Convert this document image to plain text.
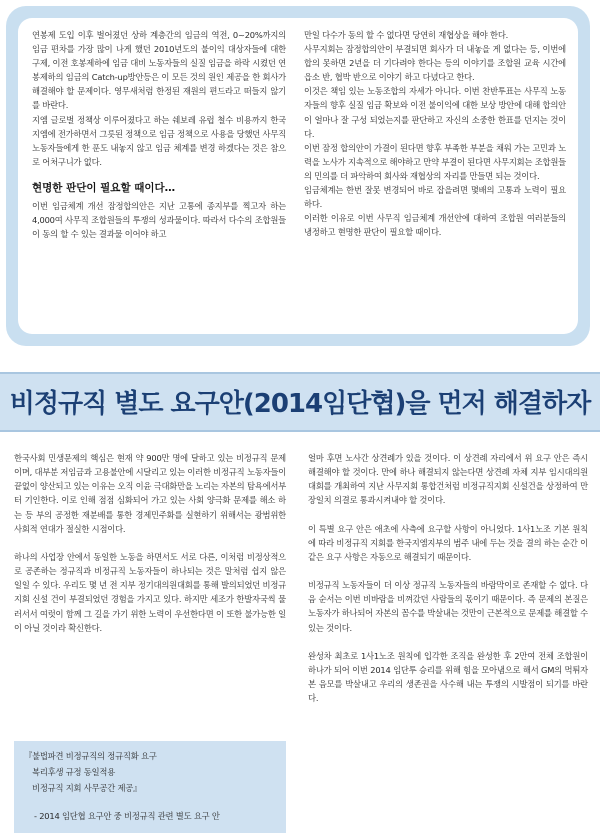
연봉제 도입 이후 벌어졌던 상하 계층간의 임금의 역전, 0~20%까지의 임금 편차를 가장 많이 나게 했던 2010년도의 불이익 대상자들에 대한 구제, 이전 호봉제하에 임금 대비 노동자들의 실질 임금을 하락 시켰던 연봉제하의 임금의 Catch-up방안등은 이 모든 것의 원인 제공을 한 회사가 해결해야 할 문제이다. 영무새처럼 한정된 재원의 편드라고 떠들지 않기를 바란다.

지엠 글로벌 정책상 이루어졌다고 하는 쉐보레 유럽 철수 비용까지 한국지엠에 전가하면서 그릇된 정책으로 임금 정책으로 사용을 당했던 사무직 노동자들에게 한 푼도 내놓지 않고 임금 체계를 변경 하겠다는 것은 참으로 어처구니가 없다.

현명한 판단이 필요할 때이다…

이번 임금체계 개선 잠정합의안은 지난 고통에 종지부를 찍고자 하는 4,000여 사무직 조합원들의 투쟁의 성과물이다. 따라서 다수의 조합원들이 동의 할 수 있는 결과물 이어야 하고

만일 다수가 동의 할 수 없다면 당연히 재협상을 해야 한다.

사무지회는 잠정합의안이 부결되면 회사가 더 내놓을 게 없다는 등, 이번에 합의 못하면 2년을 더 기다려야 한다는 등의 이야기를 조합원 교육 시간에 읍소 반, 협박 반으로 이야기 하고 다녔다고 한다.

이것은 책임 있는 노동조합의 자세가 아니다. 이번 찬반투표는 사무직 노동자들의 향후 실질 임금 확보와 이전 불이익에 대한 보상 방안에 대해 합의안이 얼마나 잘 구성 되었는지를 판단하고 자신의 소중한 한표를 던지는 것이다.

이번 잠정 합의안이 가결이 된다면 향후 부족한 부분을 채워 가는 고민과 노력을 노사가 지속적으로 해야하고 만약 부결이 된다면 사무지회는 조합원들의 민의를 더 파악하여 회사와 재협상의 자리를 만들면 되는 것이다.

임금체계는 한번 잘못 변경되어 바로 잡을려면 몇배의 고통과 노력이 필요하다.

이러한 이유로 이번 사무직 임금체계 개선안에 대하여 조합원 여러분들의 냉정하고 현명한 판단이 필요할 때이다.

비정규직 별도 요구안(2014임단협)을 먼저 해결하자

한국사회 민생문제의 핵심은 현재 약 900만 명에 달하고 있는 비정규직 문제이며, 대부분 저임금과 고용불안에 시달리고 있는 이러한 비정규직 노동자들이 끝없이 양산되고 있는 이유는 오직 이윤 극대화만을 노리는 자본의 탐욕에서부터 기인한다. 이로 인해 점점 심화되어 가고 있는 사회 양극화 문제를 해소 하는 등 부의 공정한 재분배를 통한 경제민주화를 실현하기 위해서는 광범위한 사회적 연대가 절실한 시점이다.

하나의 사업장 안에서 동일한 노동을 하면서도 서로 다른, 이처럼 비정상적으로 공존하는 정규직과 비정규직 노동자들이 하나되는 것은 말처럼 쉽지 않은 일일 수 있다. 우리도 몇 년 전 지부 정기대의원대회를 통해 발의되었던 비정규지회 신설 건이 부결되었던 경험을 가지고 있다. 하지만 세조가 한발자국씩 물러서서 여럿이 함께 그 길을 가기 위한 노력이 우선한다면 이 또한 불가능한 일이 아닐 것이라 확신한다.

『불법파견 비정규직의 정규직화 요구
복리후생 규정 동일적용
비정규직 지회 사무공간 제공』
- 2014 임단협 요구안 중 비정규직 관련 별도 요구 안

얼마 후면 노사간 상견례가 있을 것이다. 이 상견례 자리에서 위 요구 안은 즉시 해결해야 할 것이다. 만에 하나 해결되지 않는다면 상견례 자체 지부 임시대의원대회를 개최하여 지난 사무지회 통합건처럼 비정규직지회 신설건을 상정하여 만장일치 의결로 통과시켜내야 할 것이다.

이 특별 요구 안은 애초에 사측에 요구할 사항이 아니었다. 1사1노조 기본 원칙에 따라 비정규직 지회를 한국지엠지부의 범주 내에 두는 것을 결의 하는 순간 이 같은 요구 사항은 자동으로 해결되기 때문이다.

비정규직 노동자들이 더 이상 정규직 노동자들의 바람막이로 존재할 수 없다. 다음 순서는 이번 비바람을 비껴갔던 사람들의 몫이기 때문이다. 즉 문제의 본질은 노동자가 하나되어 자본의 꼼수를 박살내는 것만이 근본적으로 문제를 해결할 수 있는 것이다.

완성차 최초로 1사1노조 원칙에 입각한 조직을 완성한 후 2만여 전체 조합원이 하나가 되어 이번 2014 임단투 승리를 위해 힘을 모아냄으로 해서 GM의 먹튀자본 음모를 박살내고 우리의 생존권을 사수해 내는 투쟁의 시발점이 되기를 바란다.
